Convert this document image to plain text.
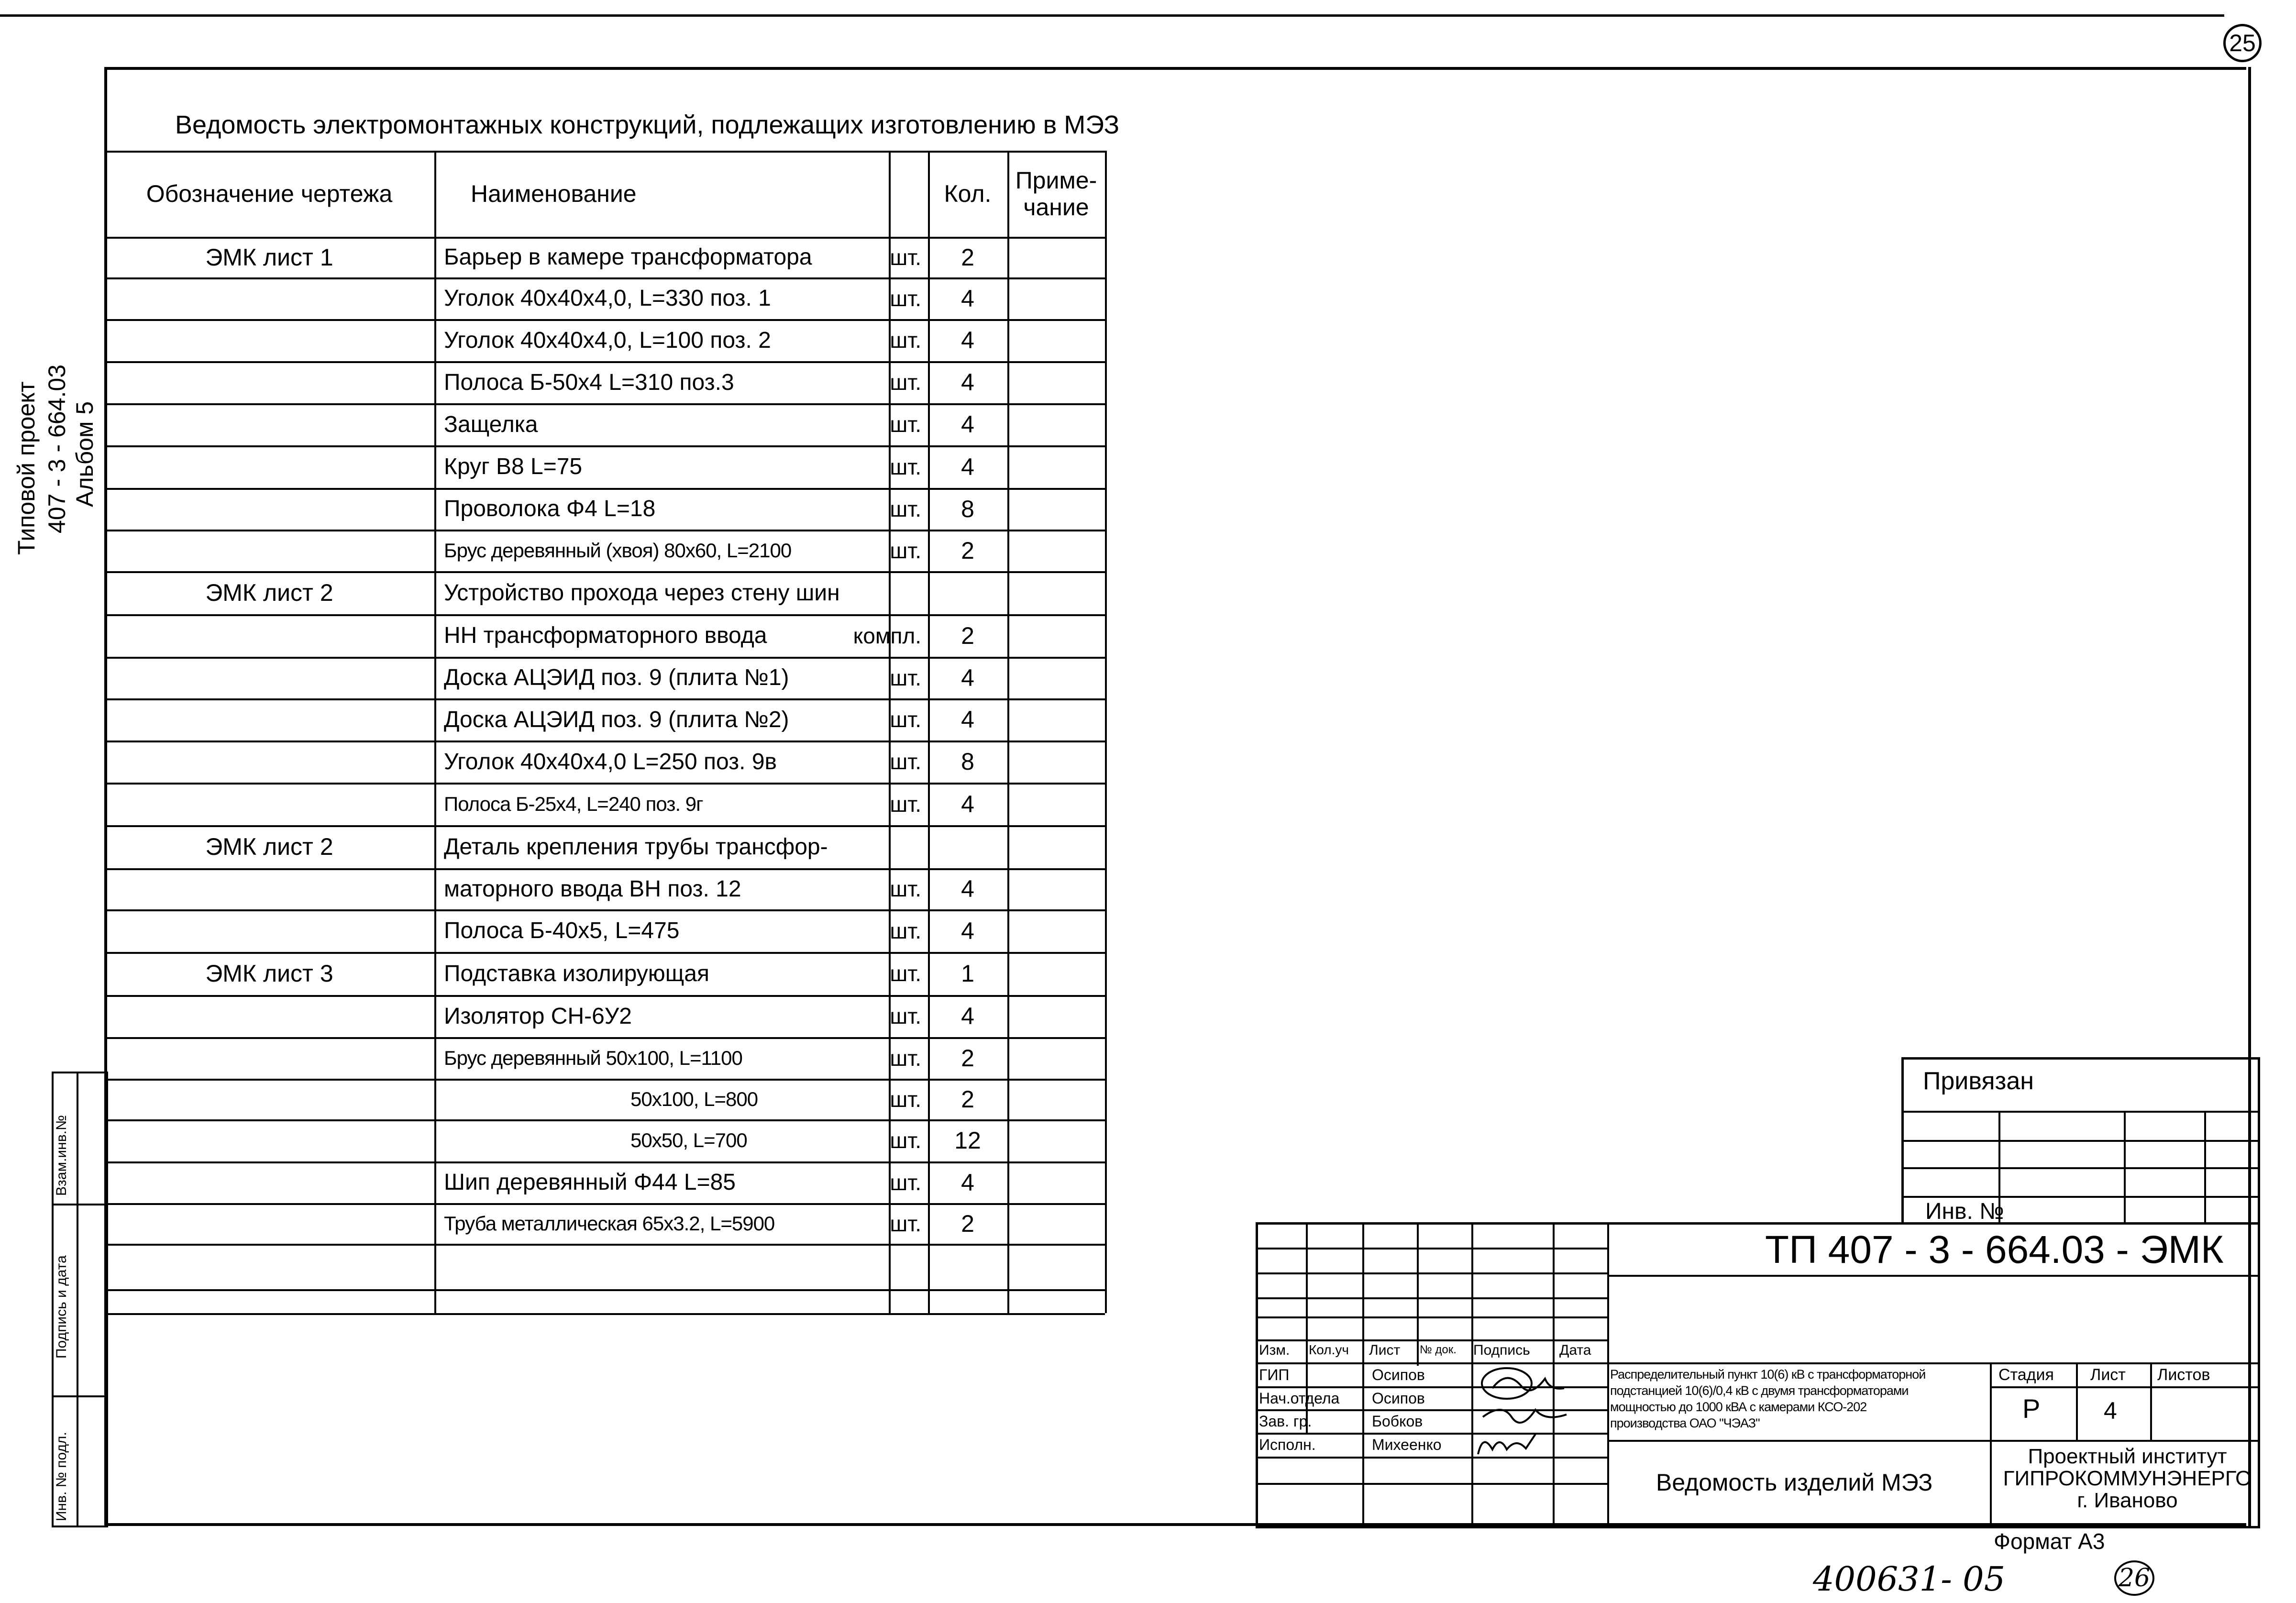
25
Типовой проект 407 - 3 - 664.03 Альбом 5
Взам.инв.№
Подпись и дата
Инв. № подл.
Ведомость электромонтажных конструкций, подлежащих изготовлению в МЭЗ
Обозначение чертежа	Наименование	Кол.	Приме- чание
ЭМК лист 1	Барьер в камере трансформатора	шт.	2
Уголок 40х40х4,0, L=330 поз. 1	шт.	4
Уголок 40х40х4,0, L=100 поз. 2	шт.	4
Полоса Б-50х4 L=310 поз.3	шт.	4
Защелка	шт.	4
Круг В8 L=75	шт.	4
Проволока Φ4 L=18	шт.	8
Брус деревянный (хвоя) 80х60, L=2100	шт.	2
ЭМК лист 2	Устройство прохода через стену шин
НН трансформаторного ввода	компл.	2
Доска АЦЭИД поз. 9 (плита №1)	шт.	4
Доска АЦЭИД поз. 9 (плита №2)	шт.	4
Уголок 40х40х4,0 L=250 поз. 9в	шт.	8
Полоса Б-25х4, L=240 поз. 9г	шт.	4
ЭМК лист 2	Деталь крепления трубы трансфор-
маторного ввода ВН поз. 12	шт.	4
Полоса Б-40х5, L=475	шт.	4
ЭМК лист 3	Подставка изолирующая	шт.	1
Изолятор СН-6У2	шт.	4
Брус деревянный 50х100, L=1100	шт.	2
50х100, L=800	шт.	2
50х50, L=700	шт.	12
Шип деревянный Φ44 L=85	шт.	4
Труба металлическая 65х3.2, L=5900	шт.	2
Привязан
Инв. №
ТП 407 - 3 - 664.03 - ЭМК
Изм. Кол.уч Лист № док. Подпись Дата
ГИП	Осипов
Нач.отдела Осипов
Зав. гр.	Бобков
Исполн.	Михеенко
Распределительный пункт 10(6) кВ с трансформаторной
подстанцией 10(6)/0,4 кВ с двумя трансформаторами
мощностью до 1000 кВА с камерами КСО-202
производства ОАО "ЧЭАЗ"
Стадия Лист Листов
Р	4
Ведомость изделий МЭЗ
Проектный институт
ГИПРОКОММУНЭНЕРГО
г. Иваново
Формат А3
400631- 05	26
